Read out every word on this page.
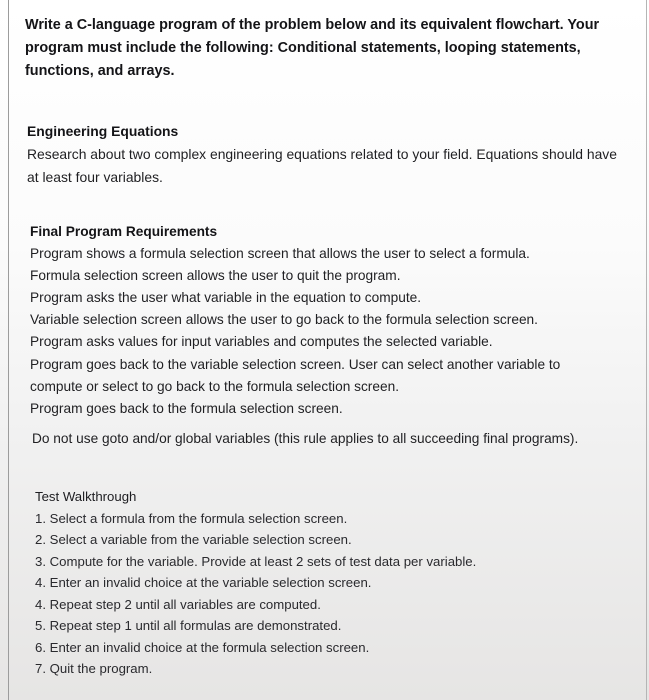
Write a C-language program of the problem below and its equivalent flowchart. Your program must include the following: Conditional statements, looping statements, functions, and arrays.
Engineering Equations
Research about two complex engineering equations related to your field. Equations should have at least four variables.
Final Program Requirements
Program shows a formula selection screen that allows the user to select a formula.
Formula selection screen allows the user to quit the program.
Program asks the user what variable in the equation to compute.
Variable selection screen allows the user to go back to the formula selection screen.
Program asks values for input variables and computes the selected variable.
Program goes back to the variable selection screen. User can select another variable to compute or select to go back to the formula selection screen.
Program goes back to the formula selection screen.
Do not use goto and/or global variables (this rule applies to all succeeding final programs).
Test Walkthrough
1. Select a formula from the formula selection screen.
2. Select a variable from the variable selection screen.
3. Compute for the variable. Provide at least 2 sets of test data per variable.
4. Enter an invalid choice at the variable selection screen.
4. Repeat step 2 until all variables are computed.
5. Repeat step 1 until all formulas are demonstrated.
6. Enter an invalid choice at the formula selection screen.
7. Quit the program.
